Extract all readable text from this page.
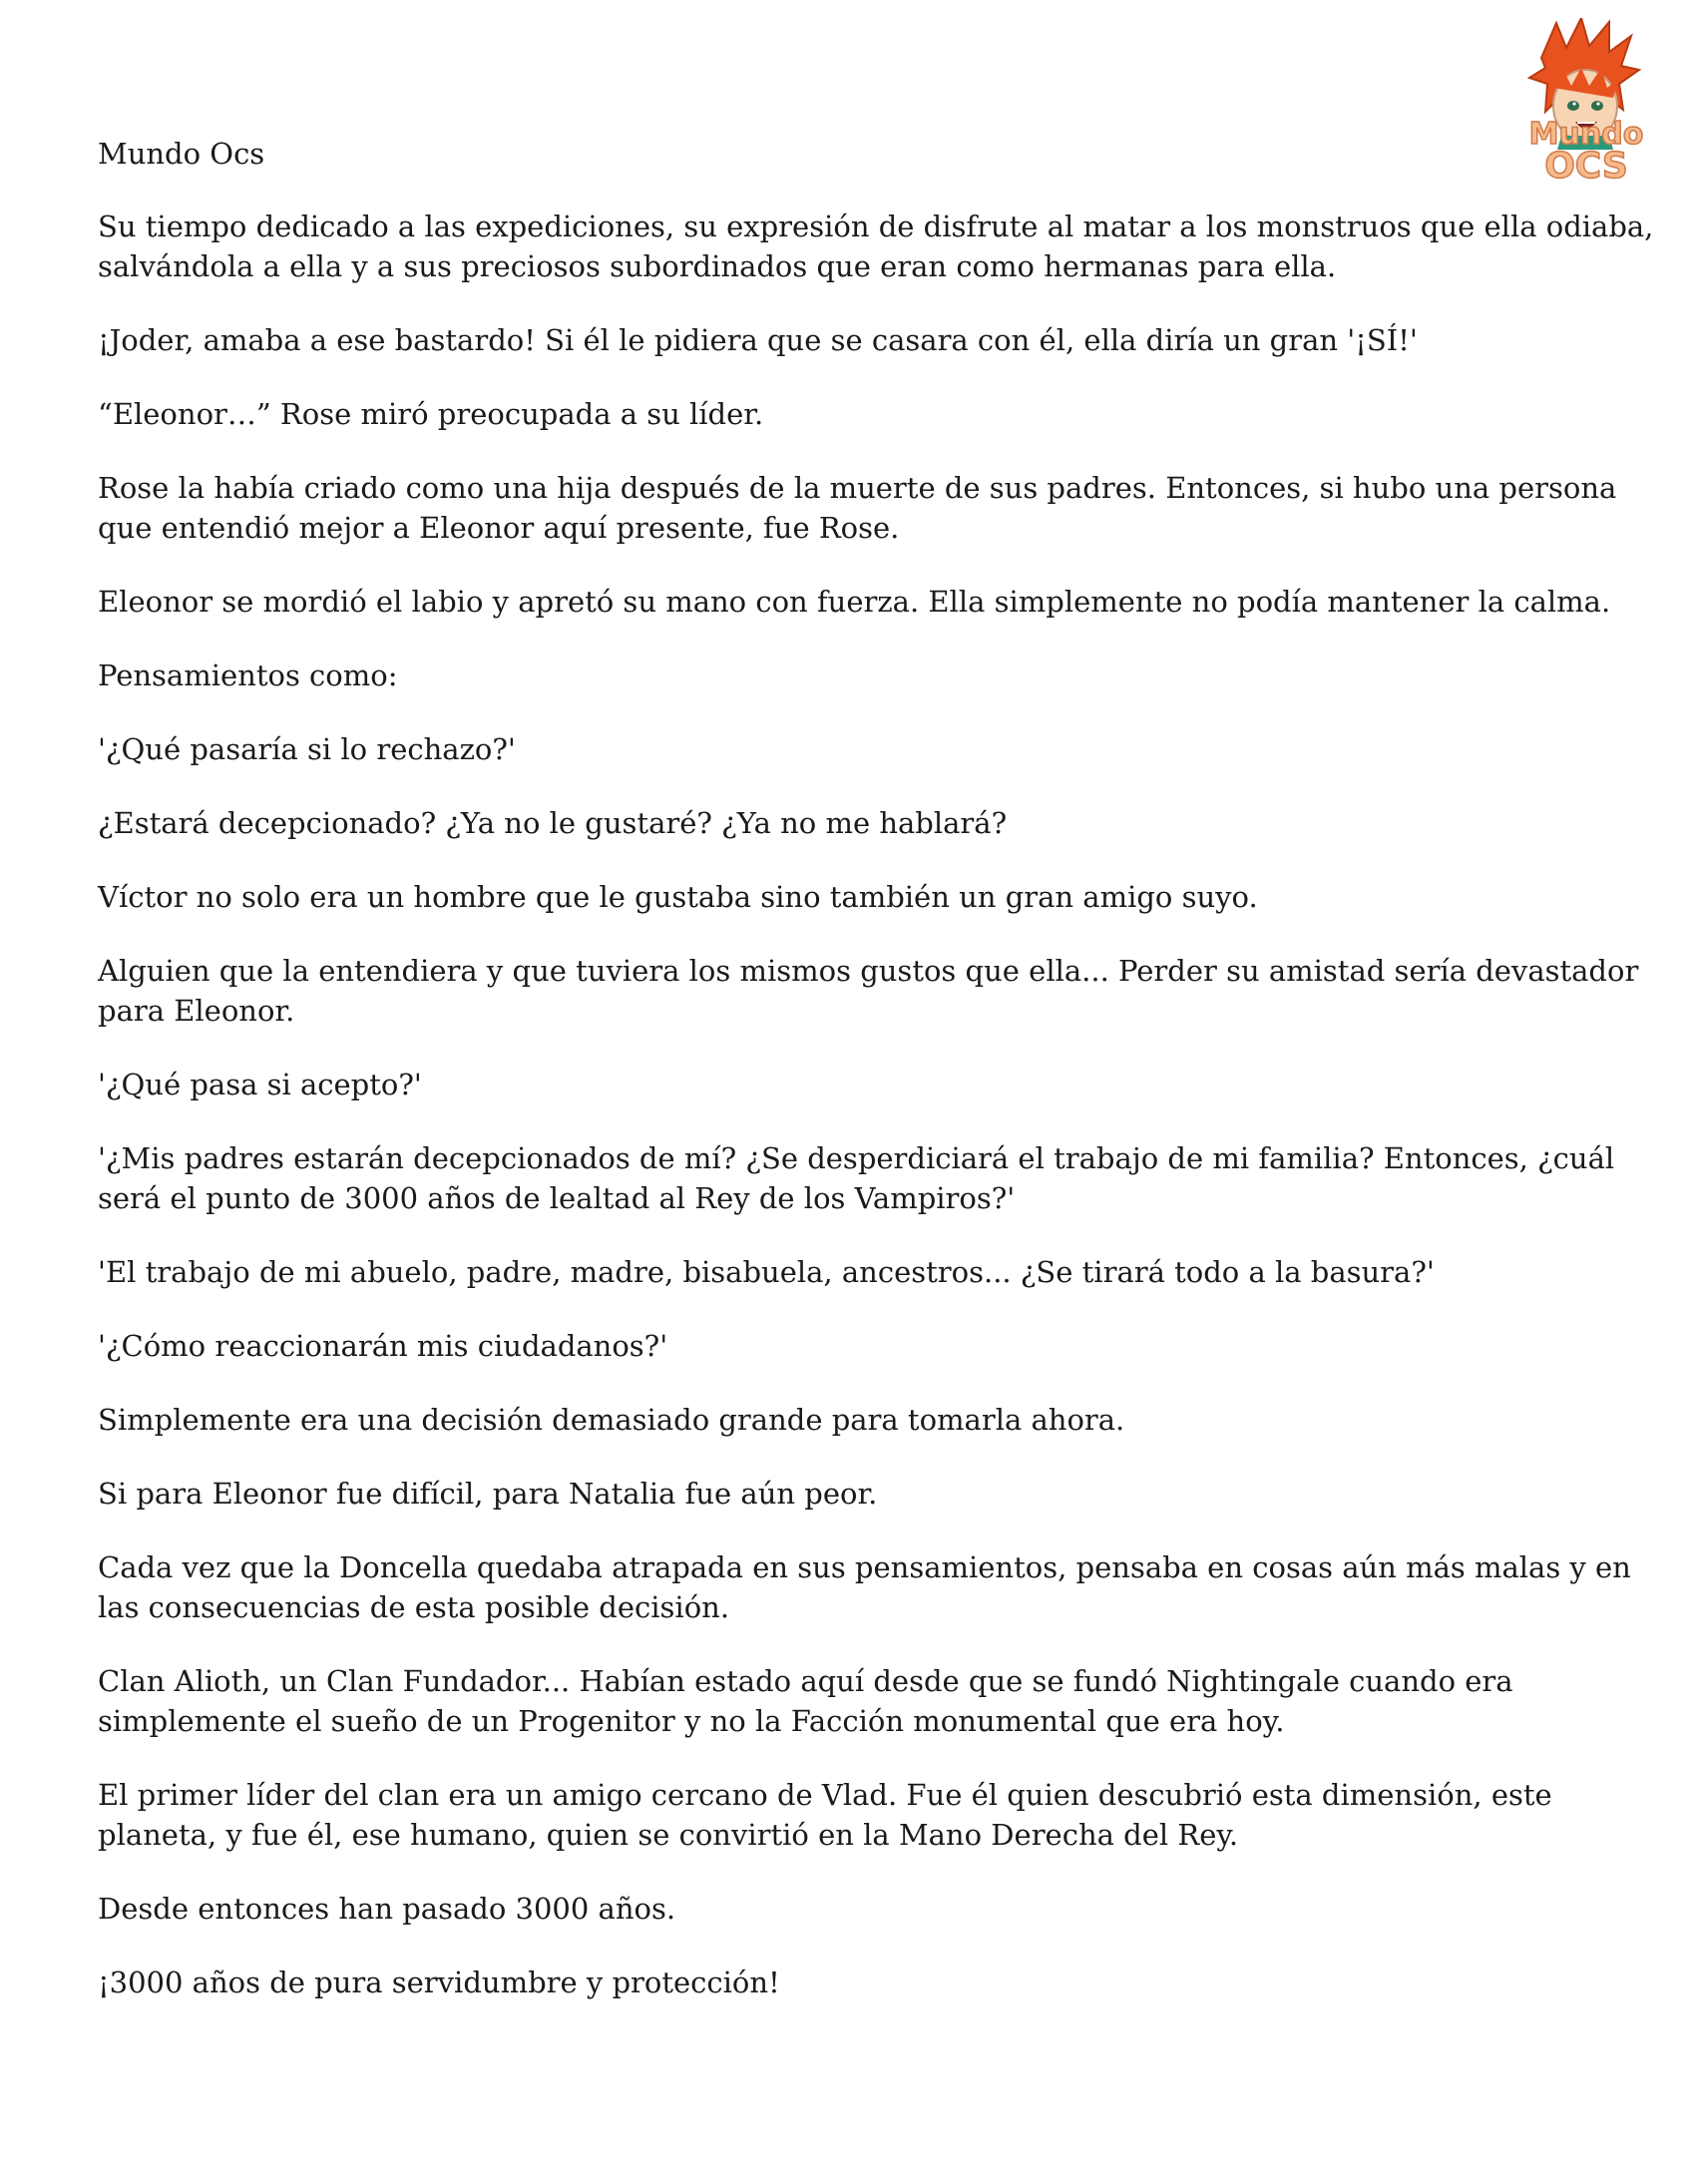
Mundo
OCS
Mundo Ocs

Su tiempo dedicado a las expediciones, su expresión de disfrute al matar a los monstruos que ella odiaba, salvándola a ella y a sus preciosos subordinados que eran como hermanas para ella.

¡Joder, amaba a ese bastardo! Si él le pidiera que se casara con él, ella diría un gran '¡SÍ!'

“Eleonor…” Rose miró preocupada a su líder.

Rose la había criado como una hija después de la muerte de sus padres. Entonces, si hubo una persona que entendió mejor a Eleonor aquí presente, fue Rose.

Eleonor se mordió el labio y apretó su mano con fuerza. Ella simplemente no podía mantener la calma.

Pensamientos como:

'¿Qué pasaría si lo rechazo?'

¿Estará decepcionado? ¿Ya no le gustaré? ¿Ya no me hablará?

Víctor no solo era un hombre que le gustaba sino también un gran amigo suyo.

Alguien que la entendiera y que tuviera los mismos gustos que ella... Perder su amistad sería devastador para Eleonor.

'¿Qué pasa si acepto?'

'¿Mis padres estarán decepcionados de mí? ¿Se desperdiciará el trabajo de mi familia? Entonces, ¿cuál será el punto de 3000 años de lealtad al Rey de los Vampiros?'

'El trabajo de mi abuelo, padre, madre, bisabuela, ancestros... ¿Se tirará todo a la basura?'

'¿Cómo reaccionarán mis ciudadanos?'

Simplemente era una decisión demasiado grande para tomarla ahora.

Si para Eleonor fue difícil, para Natalia fue aún peor.

Cada vez que la Doncella quedaba atrapada en sus pensamientos, pensaba en cosas aún más malas y en las consecuencias de esta posible decisión.

Clan Alioth, un Clan Fundador... Habían estado aquí desde que se fundó Nightingale cuando era simplemente el sueño de un Progenitor y no la Facción monumental que era hoy.

El primer líder del clan era un amigo cercano de Vlad. Fue él quien descubrió esta dimensión, este planeta, y fue él, ese humano, quien se convirtió en la Mano Derecha del Rey.

Desde entonces han pasado 3000 años.

¡3000 años de pura servidumbre y protección!
